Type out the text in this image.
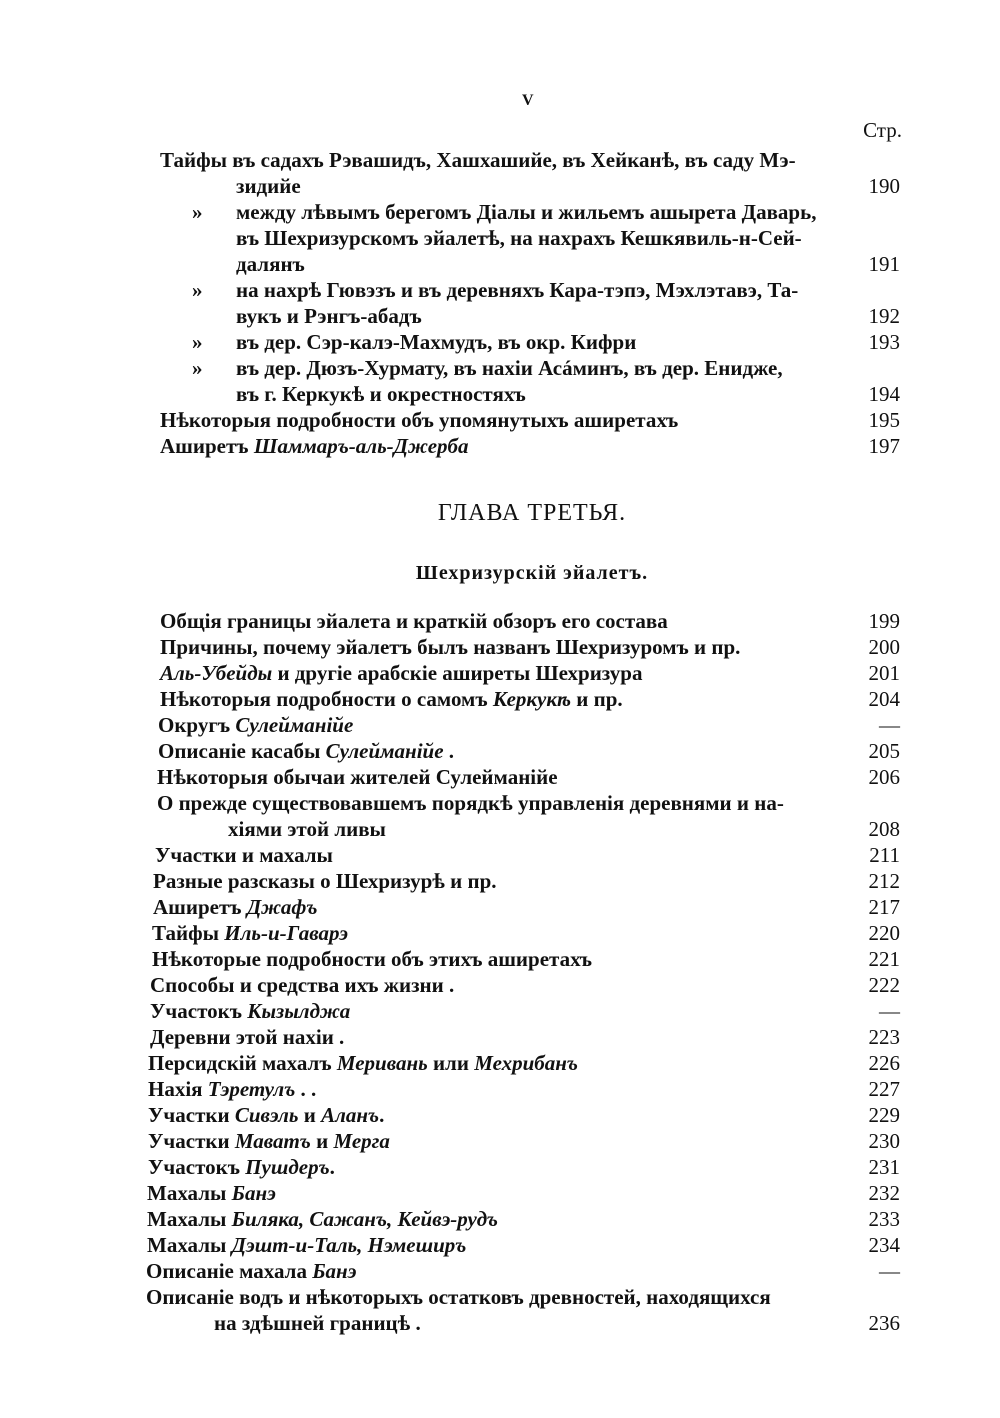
V
Стр.
Тайфы въ садахъ Рэвашидъ, Хашхашийе, въ Хейканѣ, въ саду Мэ-
зидийе	190
» между лѣвымъ берегомъ Діалы и жильемъ ашырета Даварь,
въ Шехризурскомъ эйалетѣ, на нахрахъ Кешкявиль-н-Сей-
далянъ	191
» на нахрѣ Гювэзъ и въ деревняхъ Кара-тэпэ, Мэхлэтавэ, Та-
вукъ и Рэнгъ-абадъ	192
» въ дер. Сэр-калэ-Махмудъ, въ окр. Кифри	193
» въ дер. Дюзъ-Хурмату, въ нахіи Асáминъ, въ дер. Енидже,
въ г. Керкукѣ и окрестностяхъ	194
Нѣкоторыя подробности объ упомянутыхъ аширетахъ	195
Аширетъ Шаммаръ-аль-Джерба	197
ГЛАВА ТРЕТЬЯ.
Шехризурскій эйалетъ.
Общія границы эйалета и краткій обзоръ его состава	199
Причины, почему эйалетъ былъ названъ Шехризуромъ и пр.	200
Аль-Убейды и другіе арабскіе аширеты Шехризура	201
Нѣкоторыя подробности о самомъ Керкукѣ и пр.	204
Округъ Сулейманійе	—
Описаніе касабы Сулейманійе .	205
Нѣкоторыя обычаи жителей Сулейманійе	206
О прежде существовавшемъ порядкѣ управленія деревнями и на-
хіями этой ливы	208
Участки и махалы	211
Разные разсказы о Шехризурѣ и пр.	212
Аширетъ Джафъ	217
Тайфы Иль-и-Гаварэ	220
Нѣкоторые подробности объ этихъ аширетахъ	221
Способы и средства ихъ жизни .	222
Участокъ Кызылджа	—
Деревни этой нахіи .	223
Персидскій махалъ Меривань или Мехрибанъ	226
Нахія Тэретулъ . .	227
Участки Сивэль и Аланъ.	229
Участки Маватъ и Мерга	230
Участокъ Пушдеръ.	231
Махалы Банэ	232
Махалы Биляка, Сажанъ, Кейвэ-рудъ	233
Махалы Дэшт-и-Таль, Нэмеширъ	234
Описаніе махала Банэ	—
Описаніе водъ и нѣкоторыхъ остатковъ древностей, находящихся
на здѣшней границѣ .	236
